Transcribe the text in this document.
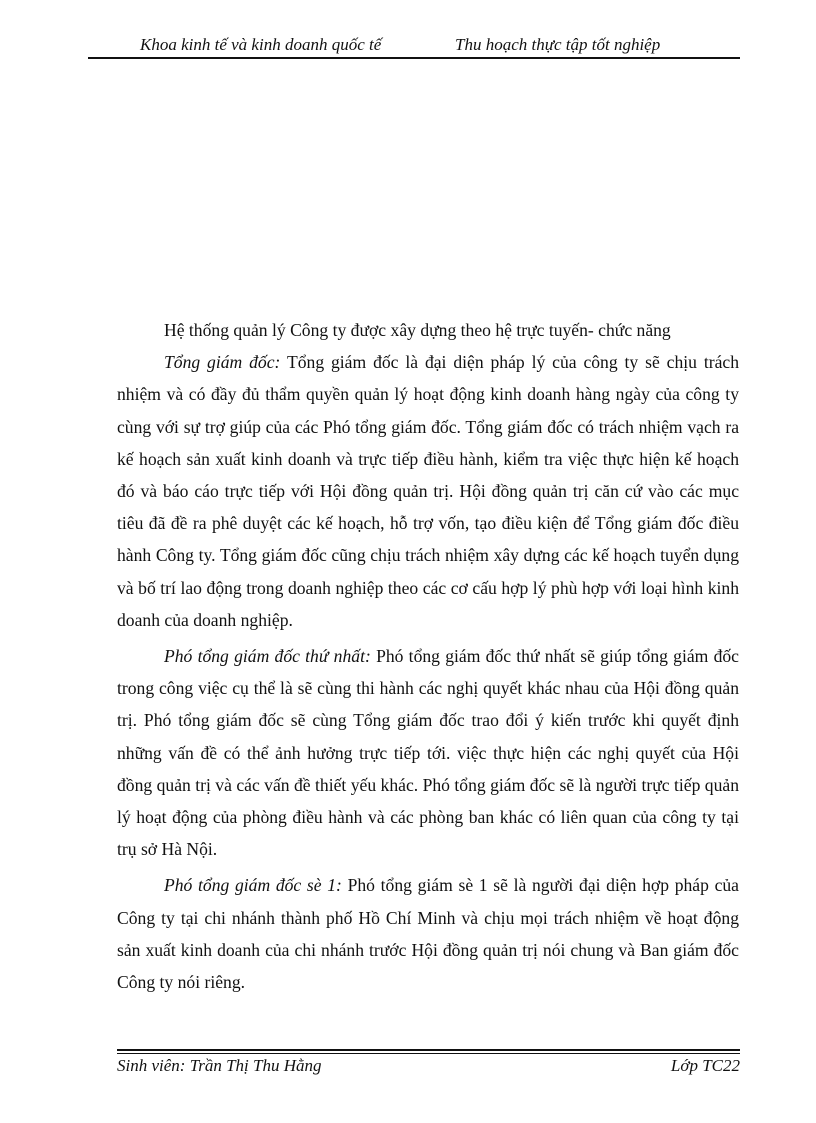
Khoa kinh tế và kinh doanh quốc tế	Thu hoạch thực tập tốt nghiệp

Hệ thống quản lý Công ty được xây dựng theo hệ trực tuyến- chức năng

Tổng giám đốc: Tổng giám đốc là đại diện pháp lý của công ty sẽ chịu trách nhiệm và có đầy đủ thẩm quyền quản lý hoạt động kinh doanh hàng ngày của công ty cùng với sự trợ giúp của các Phó tổng giám đốc. Tổng giám đốc có trách nhiệm vạch ra kế hoạch sản xuất kinh doanh và trực tiếp điều hành, kiểm tra việc thực hiện kế hoạch đó và báo cáo trực tiếp với Hội đồng quản trị. Hội đồng quản trị căn cứ vào các mục tiêu đã đề ra phê duyệt các kế hoạch, hỗ trợ vốn, tạo điều kiện để Tổng giám đốc điều hành Công ty. Tổng giám đốc cũng chịu trách nhiệm xây dựng các kế hoạch tuyển dụng và bố trí lao động trong doanh nghiệp theo các cơ cấu hợp lý phù hợp với loại hình kinh doanh của doanh nghiệp.

Phó tổng giám đốc thứ nhất: Phó tổng giám đốc thứ nhất sẽ giúp tổng giám đốc trong công việc cụ thể là sẽ cùng thi hành các nghị quyết khác nhau của Hội đồng quản trị. Phó tổng giám đốc sẽ cùng Tổng giám đốc trao đổi ý kiến trước khi quyết định những vấn đề có thể ảnh hưởng trực tiếp tới. việc thực hiện các nghị quyết của Hội đồng quản trị và các vấn đề thiết yếu khác. Phó tổng giám đốc sẽ là người trực tiếp quản lý hoạt động của phòng điều hành và các phòng ban khác có liên quan của công ty tại trụ sở Hà Nội.

Phó tổng giám đốc sè 1: Phó tổng giám sè 1 sẽ là người đại diện hợp pháp của Công ty tại chi nhánh thành phố Hồ Chí Minh và chịu mọi trách nhiệm về hoạt động sản xuất kinh doanh của chi nhánh trước Hội đồng quản trị nói chung và Ban giám đốc Công ty nói riêng.

Sinh viên: Trần Thị Thu Hằng	Lớp TC22
